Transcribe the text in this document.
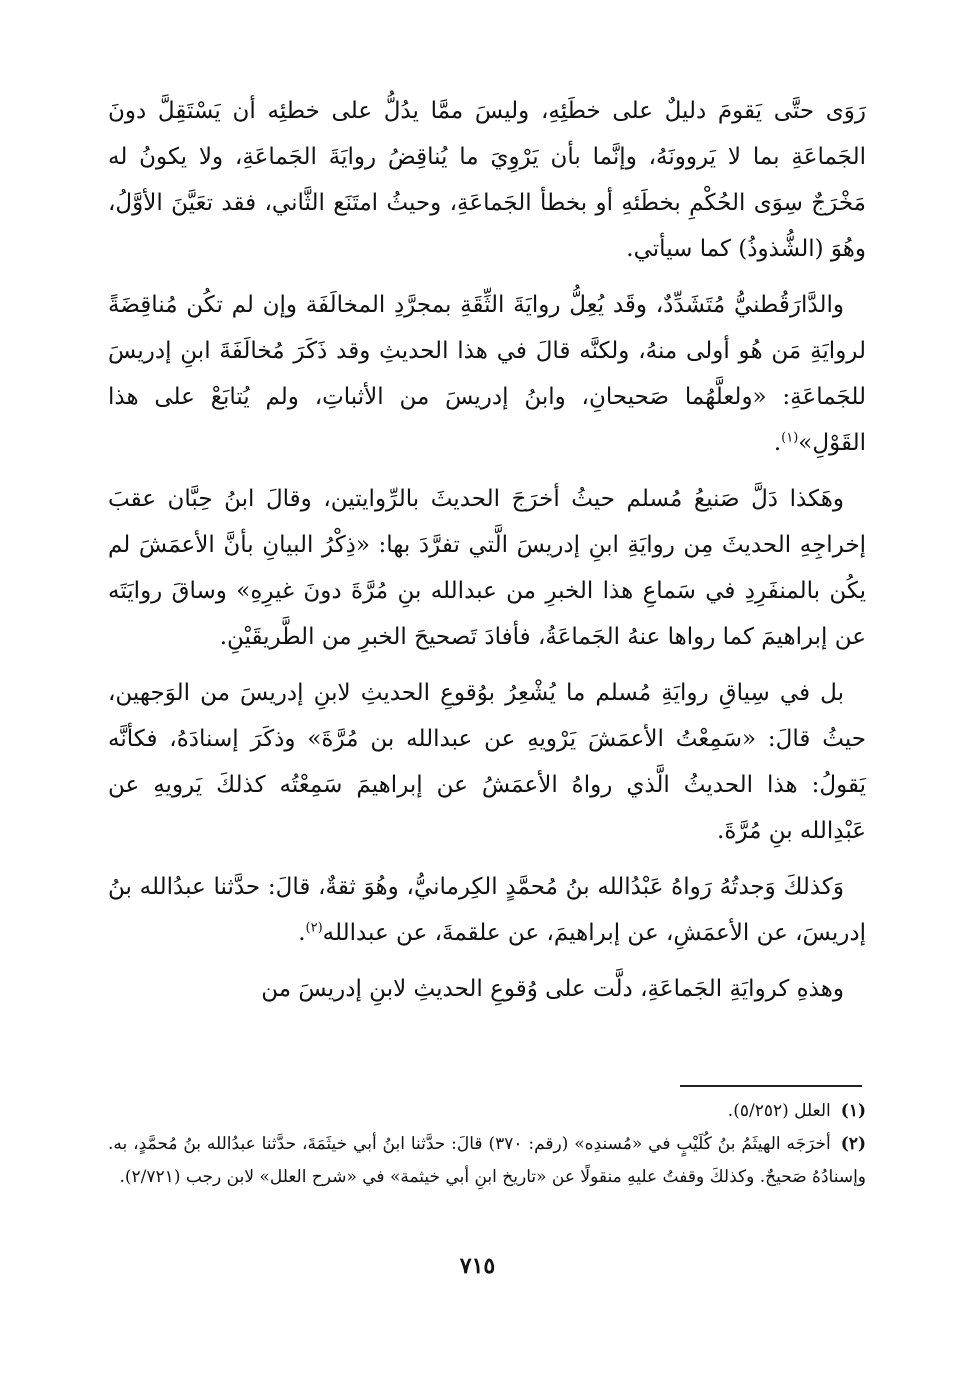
رَوَى حتَّى يَقومَ دليلٌ على خطَئِهِ، وليسَ ممَّا يدُلُّ على خطئِه أن يَسْتَقِلَّ دونَ الجَماعَةِ بما لا يَروونَهُ، وإنَّما بأن يَرْوِيَ ما يُناقِضُ روايَةَ الجَماعَةِ، ولا يكونُ له مَخْرَجٌ سِوَى الحُكْمِ بخطَئهِ أو بخطأ الجَماعَةِ، وحيثُ امتَنَع الثَّاني، فقد تعَيَّنَ الأوَّلُ، وهُوَ (الشُّذوذُ) كما سيأتي.

والدَّارَقُطنيُّ مُتَشَدِّدٌ، وقَد يُعِلُّ روايَةَ الثِّقَةِ بمجرَّدِ المخالَفَة وإن لم تكُن مُناقِضَةً لروايَةِ مَن هُو أولى منهُ، ولكنَّه قالَ في هذا الحديثِ وقد ذَكَرَ مُخالَفَةَ ابنِ إدريسَ للجَماعَةِ: «ولعلَّهُما صَحيحانِ، وابنُ إدريسَ من الأثباتِ، ولم يُتابَعْ على هذا القَوْلِ»$^{(١)}$.

وهَكذا دَلَّ صَنيعُ مُسلم حيثُ أخرَجَ الحديثَ بالرِّوايتين، وقالَ ابنُ حِبَّان عقبَ إخراجِهِ الحديثَ مِن روايَةِ ابنِ إدريسَ الَّتي تفرَّدَ بها: «ذِكْرُ البيانِ بأنَّ الأعمَشَ لم يكُن بالمنفَرِدِ في سَماعِ هذا الخبرِ من عبدالله بنِ مُرَّةَ دونَ غيرِهِ» وساقَ روايَتَه عن إبراهيمَ كما رواها عنهُ الجَماعَةُ، فأفادَ تَصحيحَ الخبرِ من الطَّريقَيْنِ.

بل في سِياقِ روايَةِ مُسلم ما يُشْعِرُ بوُقوعِ الحديثِ لابنِ إدريسَ من الوَجهين، حيثُ قالَ: «سَمِعْتُ الأعمَشَ يَرْويهِ عن عبدالله بن مُرَّةَ» وذكَرَ إسنادَهُ، فكأنَّه يَقولُ: هذا الحديثُ الَّذي رواهُ الأعمَشُ عن إبراهيمَ سَمِعْتُه كذلكَ يَرويهِ عن عَبْدِالله بنِ مُرَّةَ.

وَكذلكَ وَجدتُهُ رَواهُ عَبْدُالله بنُ مُحمَّدٍ الكِرمانيُّ، وهُوَ ثقةٌ، قالَ: حدَّثنا عبدُالله بنُ إدريسَ، عن الأعمَشِ، عن إبراهيمَ، عن علقمةَ، عن عبدالله$^{(٢)}$.

وهذهِ كروايَةِ الجَماعَةِ، دلَّت على وُقوعِ الحديثِ لابنِ إدريسَ من

(١)العلل (٥/٢٥٢).

(٢)أخرَجَه الهيثَمُ بنُ كُلَيْبٍ في «مُسندِه» (رقم: ٣٧٠) قالَ: حدَّثنا ابنُ أبي خيثَمَةَ، حدَّثنا عبدُالله بنُ مُحمَّدٍ، به. وإسنادُهُ صَحيحٌ. وكذلكَ وقفتُ عليهِ منقولًا عن «تاريخ ابنِ أبي خيثمة» في «شرح العلل» لابن رجب (٢/٧٢١).

٧١٥
